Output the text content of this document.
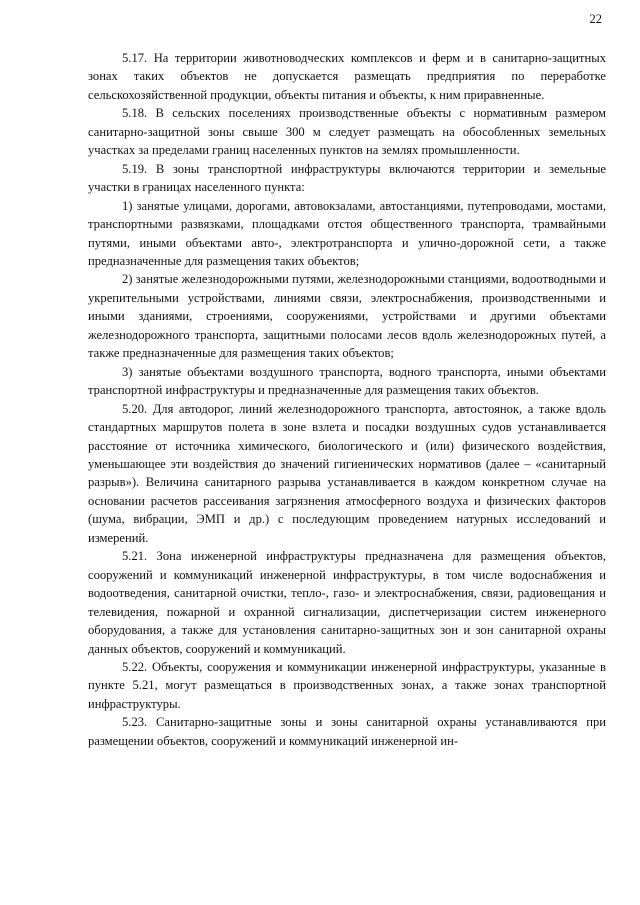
22

5.17. На территории животноводческих комплексов и ферм и в санитарно-защитных зонах таких объектов не допускается размещать предприятия по переработке сельскохозяйственной продукции, объекты питания и объекты, к ним приравненные.

5.18. В сельских поселениях производственные объекты с нормативным размером санитарно-защитной зоны свыше 300 м следует размещать на обособленных земельных участках за пределами границ населенных пунктов на землях промышленности.

5.19. В зоны транспортной инфраструктуры включаются территории и земельные участки в границах населенного пункта:

1) занятые улицами, дорогами, автовокзалами, автостанциями, путепроводами, мостами, транспортными развязками, площадками отстоя общественного транспорта, трамвайными путями, иными объектами авто-, электротранспорта и улично-дорожной сети, а также предназначенные для размещения таких объектов;

2) занятые железнодорожными путями, железнодорожными станциями, водоотводными и укрепительными устройствами, линиями связи, электроснабжения, производственными и иными зданиями, строениями, сооружениями, устройствами и другими объектами железнодорожного транспорта, защитными полосами лесов вдоль железнодорожных путей, а также предназначенные для размещения таких объектов;

3) занятые объектами воздушного транспорта, водного транспорта, иными объектами транспортной инфраструктуры и предназначенные для размещения таких объектов.

5.20. Для автодорог, линий железнодорожного транспорта, автостоянок, а также вдоль стандартных маршрутов полета в зоне взлета и посадки воздушных судов устанавливается расстояние от источника химического, биологического и (или) физического воздействия, уменьшающее эти воздействия до значений гигиенических нормативов (далее – «санитарный разрыв»). Величина санитарного разрыва устанавливается в каждом конкретном случае на основании расчетов рассеивания загрязнения атмосферного воздуха и физических факторов (шума, вибрации, ЭМП и др.) с последующим проведением натурных исследований и измерений.

5.21. Зона инженерной инфраструктуры предназначена для размещения объектов, сооружений и коммуникаций инженерной инфраструктуры, в том числе водоснабжения и водоотведения, санитарной очистки, тепло-, газо- и электроснабжения, связи, радиовещания и телевидения, пожарной и охранной сигнализации, диспетчеризации систем инженерного оборудования, а также для установления санитарно-защитных зон и зон санитарной охраны данных объектов, сооружений и коммуникаций.

5.22. Объекты, сооружения и коммуникации инженерной инфраструктуры, указанные в пункте 5.21, могут размещаться в производственных зонах, а также зонах транспортной инфраструктуры.

5.23. Санитарно-защитные зоны и зоны санитарной охраны устанавливаются при размещении объектов, сооружений и коммуникаций инженерной ин-
